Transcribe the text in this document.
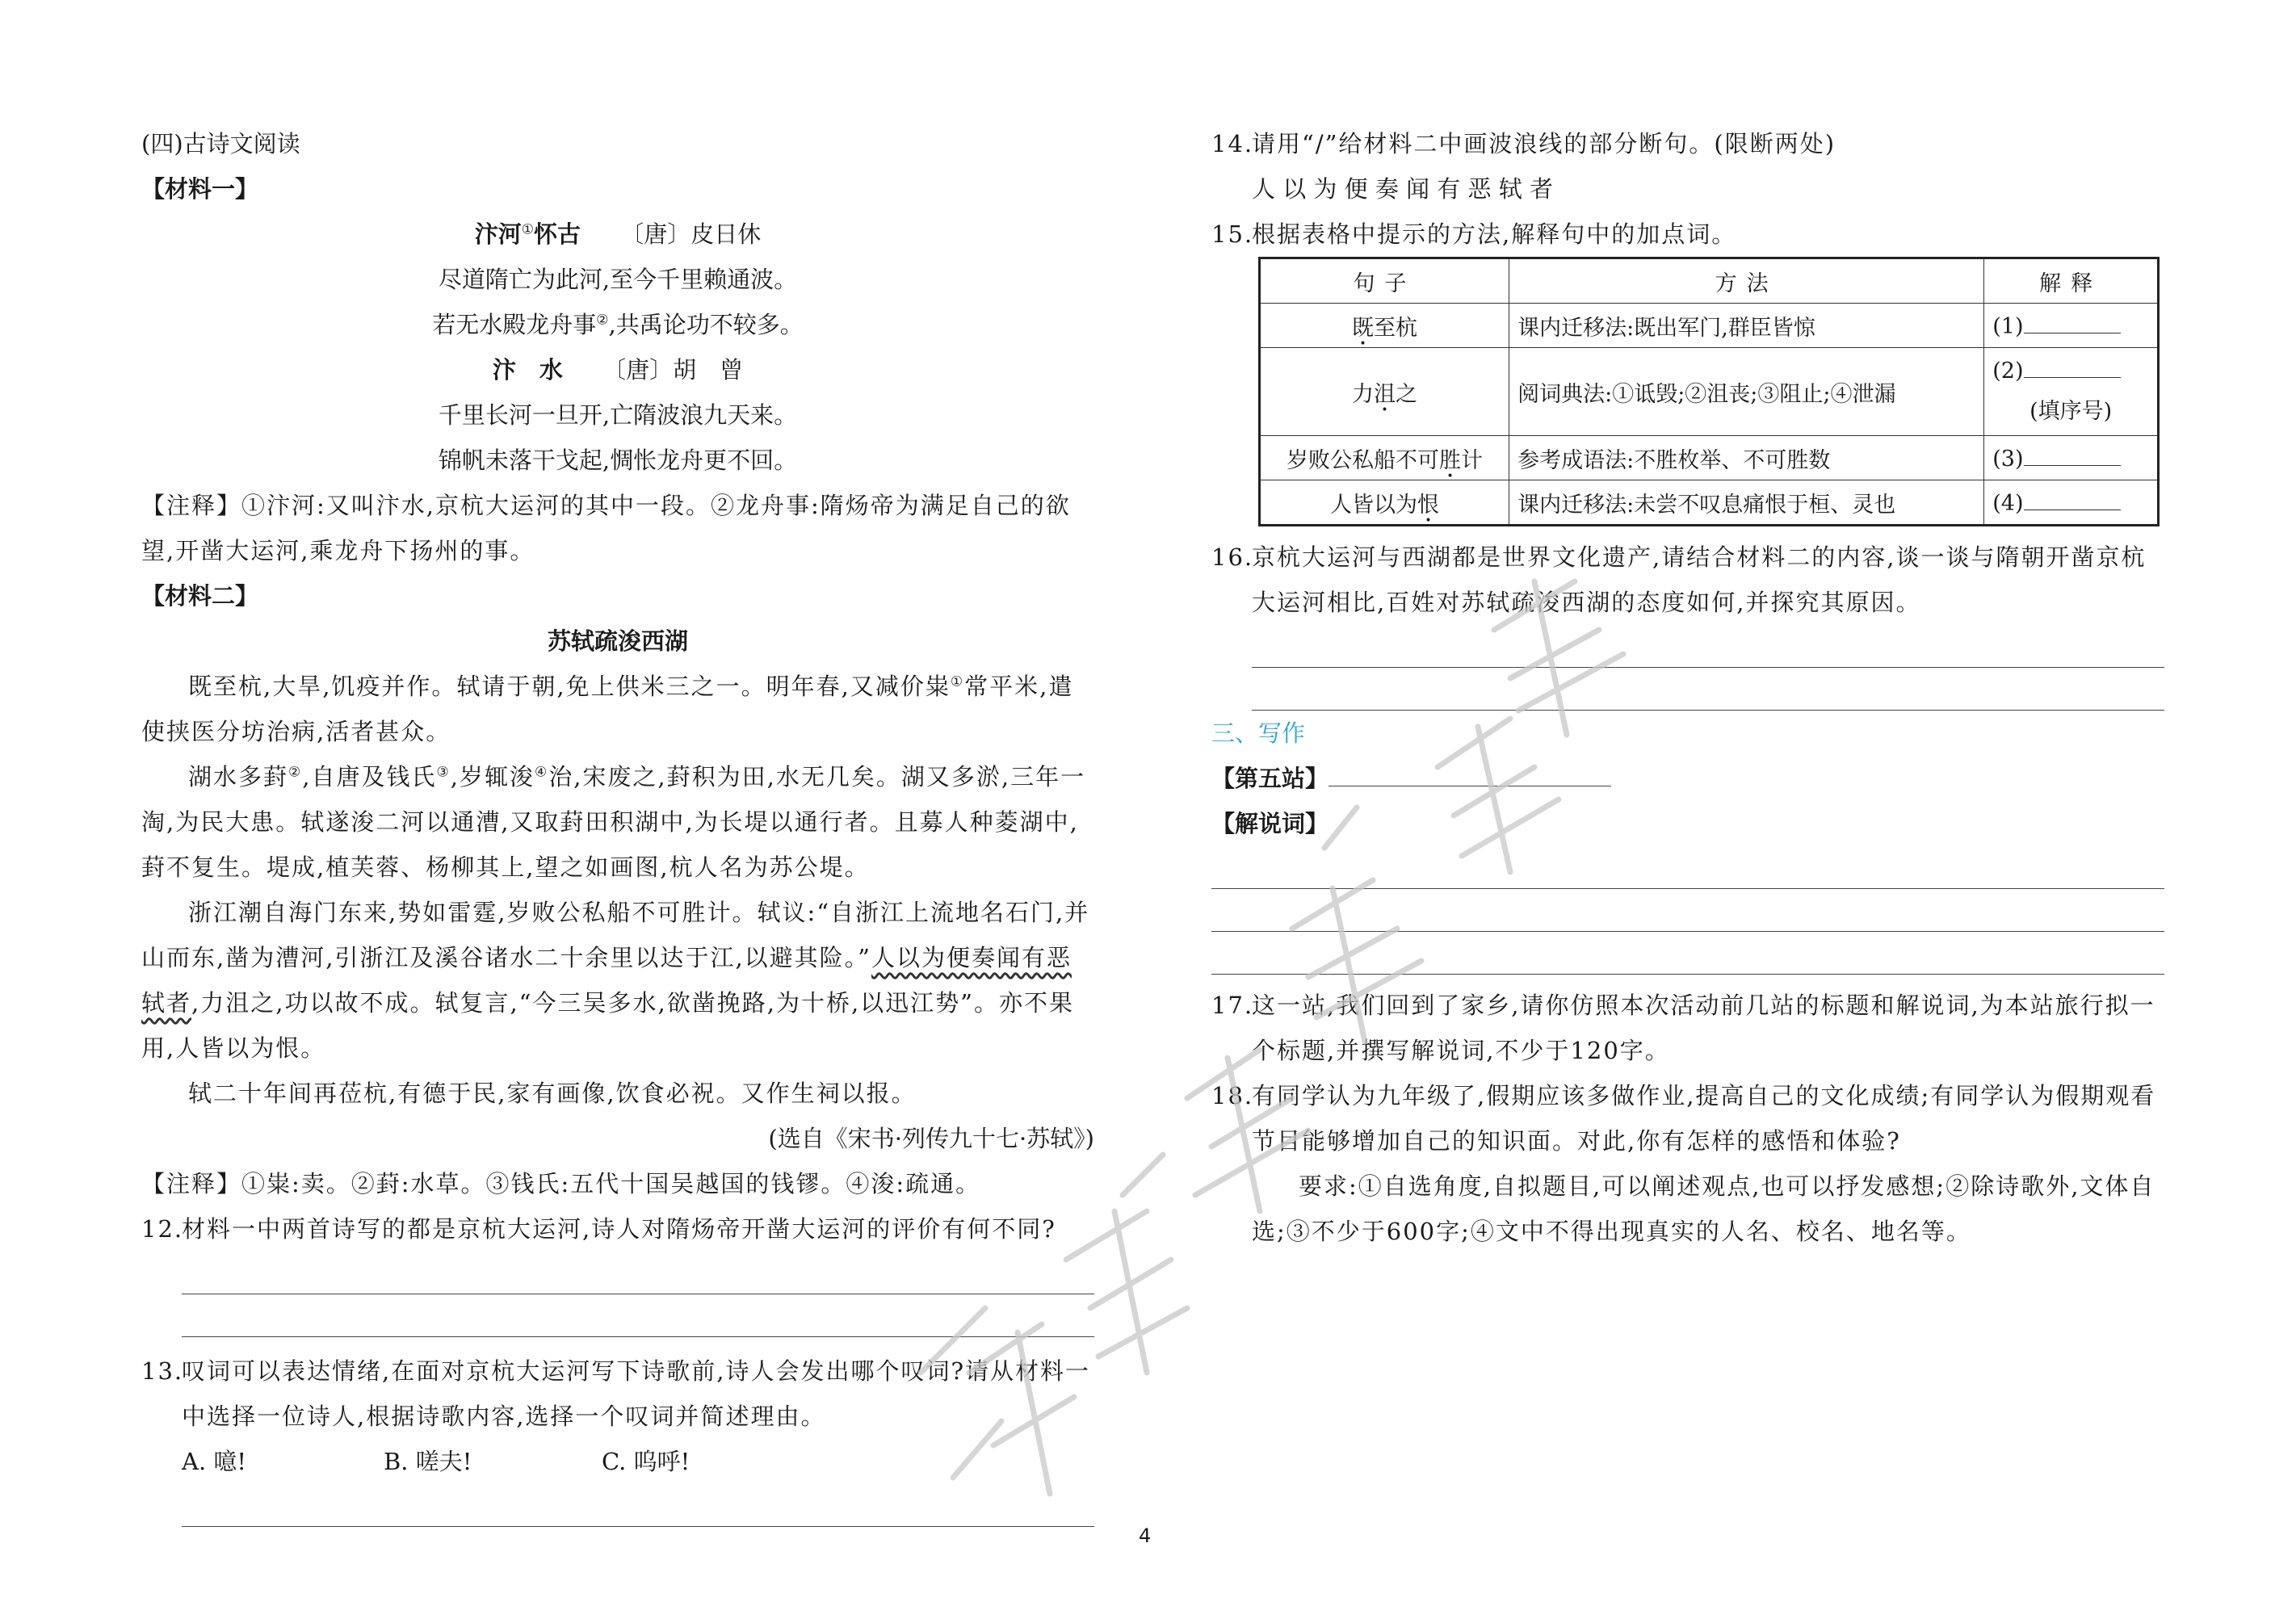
(四)古诗文阅读
【材料一】
汴河①怀古 〔唐〕皮日休
尽道隋亡为此河,至今千里赖通波。
若无水殿龙舟事②,共禹论功不较多。
汴　水 〔唐〕胡　曾
千里长河一旦开,亡隋波浪九天来。
锦帆未落干戈起,惆怅龙舟更不回。
【注释】①汴河:又叫汴水,京杭大运河的其中一段。②龙舟事:隋炀帝为满足自己的欲望,开凿大运河,乘龙舟下扬州的事。
【材料二】
苏轼疏浚西湖
既至杭,大旱,饥疫并作。轼请于朝,免上供米三之一。明年春,又减价粜①常平米,遣使挟医分坊治病,活者甚众。
湖水多葑②,自唐及钱氏③,岁辄浚④治,宋废之,葑积为田,水无几矣。湖又多淤,三年一淘,为民大患。轼遂浚二河以通漕,又取葑田积湖中,为长堤以通行者。且募人种菱湖中,葑不复生。堤成,植芙蓉、杨柳其上,望之如画图,杭人名为苏公堤。
浙江潮自海门东来,势如雷霆,岁败公私船不可胜计。轼议:“自浙江上流地名石门,并山而东,凿为漕河,引浙江及溪谷诸水二十余里以达于江,以避其险。”人以为便奏闻有恶轼者,力沮之,功以故不成。轼复言,“今三吴多水,欲凿挽路,为十桥,以迅江势”。亦不果用,人皆以为恨。
轼二十年间再莅杭,有德于民,家有画像,饮食必祝。又作生祠以报。
(选自《宋书·列传九十七·苏轼》)
【注释】①粜:卖。②葑:水草。③钱氏:五代十国吴越国的钱镠。④浚:疏通。
12.材料一中两首诗写的都是京杭大运河,诗人对隋炀帝开凿大运河的评价有何不同?
13.叹词可以表达情绪,在面对京杭大运河写下诗歌前,诗人会发出哪个叹词?请从材料一中选择一位诗人,根据诗歌内容,选择一个叹词并简述理由。
A. 噫!	B. 嗟夫!	C. 呜呼!
14.请用“/”给材料二中画波浪线的部分断句。(限断两处)
人 以 为 便 奏 闻 有 恶 轼 者
15.根据表格中提示的方法,解释句中的加点词。
句子	方法	解释
既至杭	课内迁移法:既出军门,群臣皆惊	(1)
力沮之	阅词典法:①诋毁;②沮丧;③阻止;④泄漏	(2)
(填序号)

岁败公私船不可胜计	参考成语法:不胜枚举、不可胜数	(3)
人皆以为恨	课内迁移法:未尝不叹息痛恨于桓、灵也	(4)
16.京杭大运河与西湖都是世界文化遗产,请结合材料二的内容,谈一谈与隋朝开凿京杭大运河相比,百姓对苏轼疏浚西湖的态度如何,并探究其原因。
三、写作
【第五站】
【解说词】
17.这一站,我们回到了家乡,请你仿照本次活动前几站的标题和解说词,为本站旅行拟一个标题,并撰写解说词,不少于120字。
18.有同学认为九年级了,假期应该多做作业,提高自己的文化成绩;有同学认为假期观看节目能够增加自己的知识面。对此,你有怎样的感悟和体验?
要求:①自选角度,自拟题目,可以阐述观点,也可以抒发感想;②除诗歌外,文体自选;③不少于600字;④文中不得出现真实的人名、校名、地名等。
4
